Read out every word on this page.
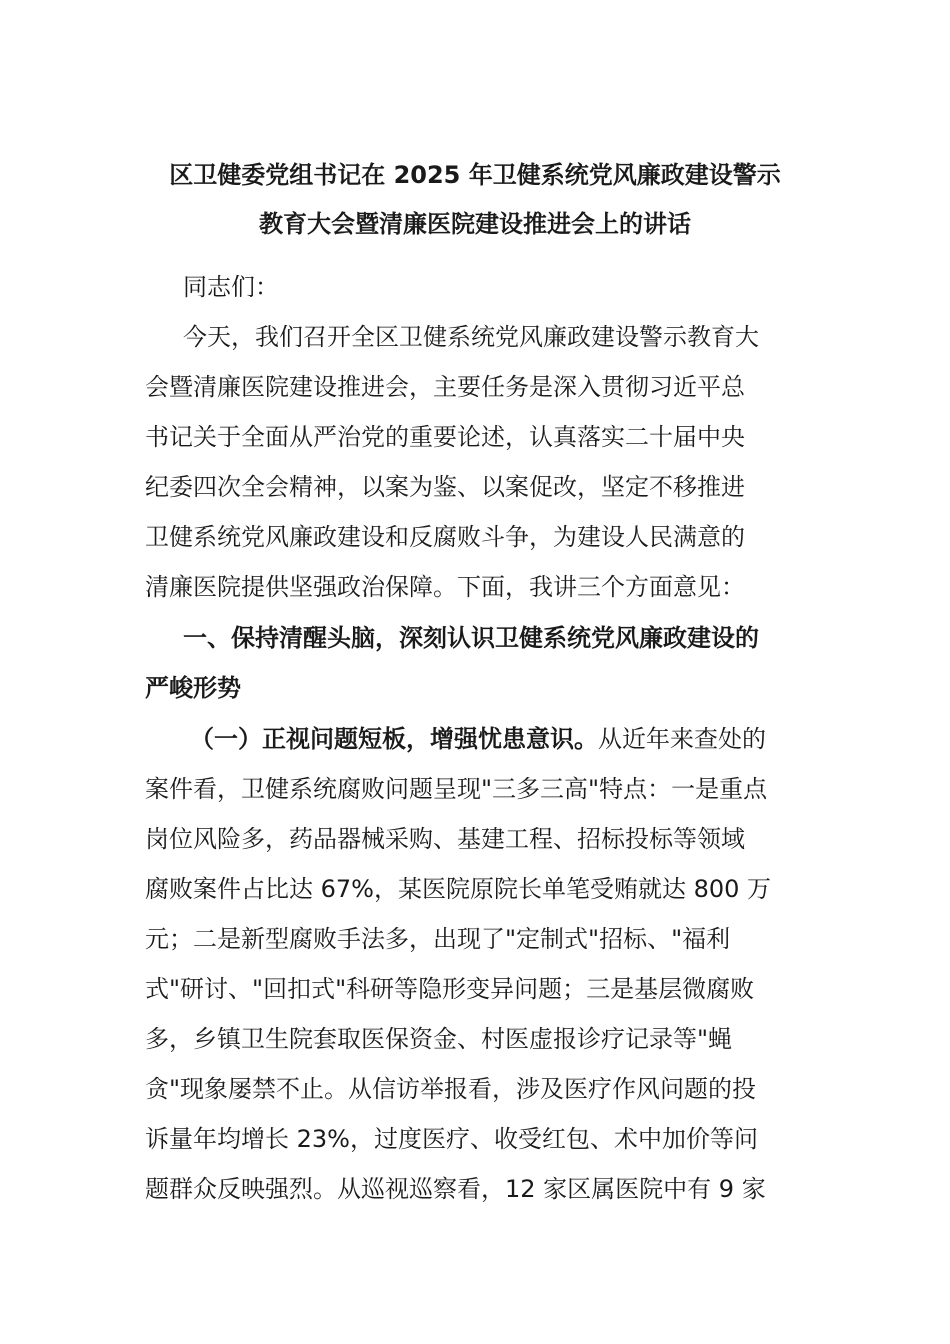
区卫健委党组书记在 2025 年卫健系统党风廉政建设警示
教育大会暨清廉医院建设推进会上的讲话

同志们：

今天，我们召开全区卫健系统党风廉政建设警示教育大

会暨清廉医院建设推进会，主要任务是深入贯彻习近平总

书记关于全面从严治党的重要论述，认真落实二十届中央

纪委四次全会精神，以案为鉴、以案促改，坚定不移推进

卫健系统党风廉政建设和反腐败斗争，为建设人民满意的

清廉医院提供坚强政治保障。下面，我讲三个方面意见：

一、保持清醒头脑，深刻认识卫健系统党风廉政建设的

严峻形势

（一）正视问题短板，增强忧患意识。从近年来查处的

案件看，卫健系统腐败问题呈现"三多三高"特点：一是重点

岗位风险多，药品器械采购、基建工程、招标投标等领域

腐败案件占比达 67%，某医院原院长单笔受贿就达 800 万

元；二是新型腐败手法多，出现了"定制式"招标、"福利

式"研讨、"回扣式"科研等隐形变异问题；三是基层微腐败

多，乡镇卫生院套取医保资金、村医虚报诊疗记录等"蝇

贪"现象屡禁不止。从信访举报看，涉及医疗作风问题的投

诉量年均增长 23%，过度医疗、收受红包、术中加价等问

题群众反映强烈。从巡视巡察看，12 家区属医院中有 9 家
